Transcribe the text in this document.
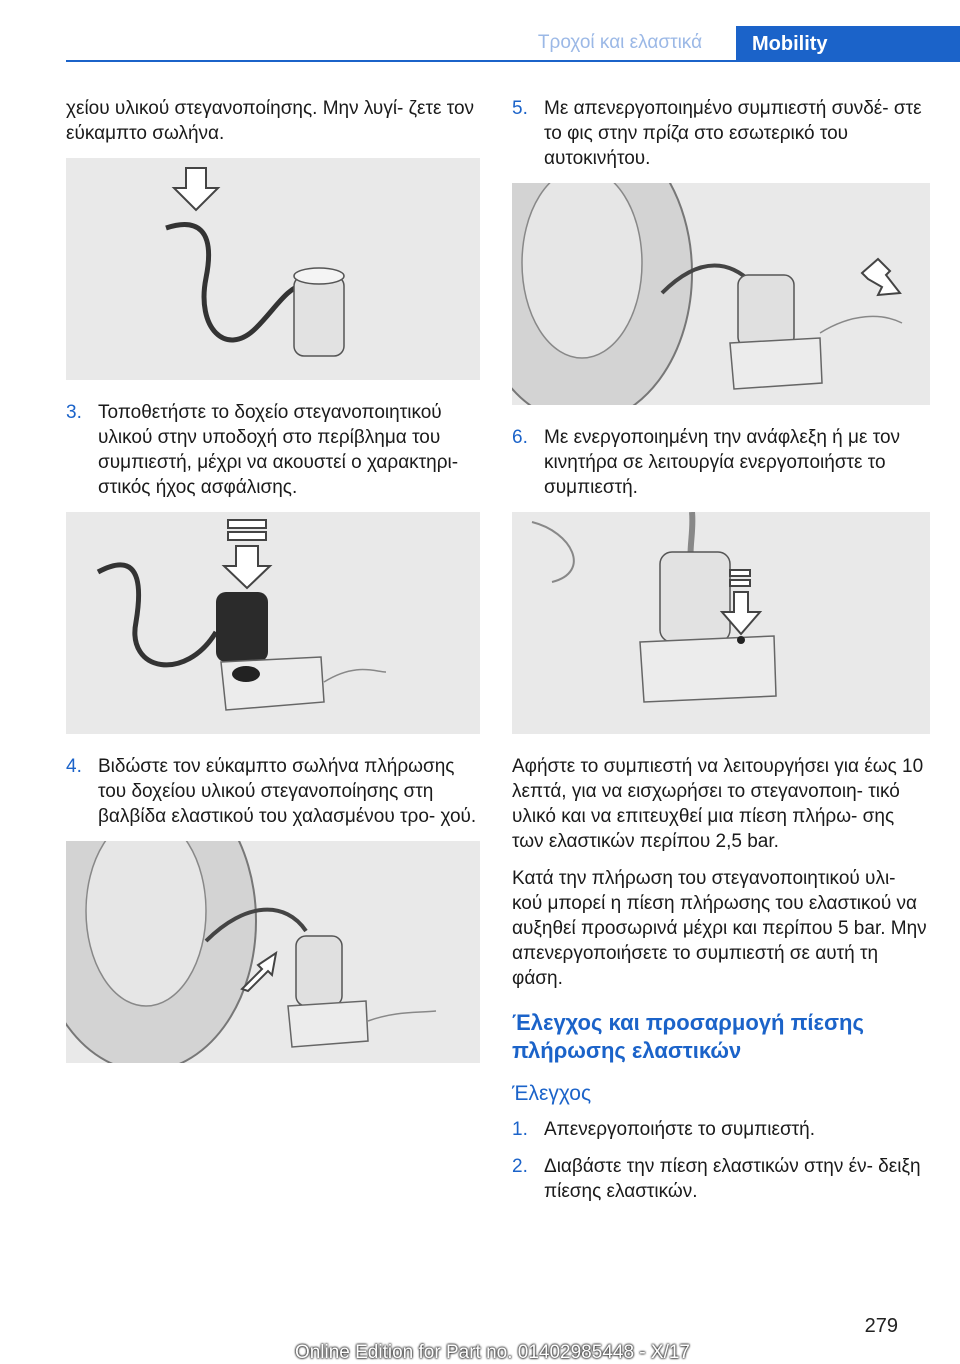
Τροχοί και ελαστικά	Mobility

χείου υλικού στεγανοποίησης. Μην λυγί- ζετε τον εύκαμπτο σωλήνα.

3. Τοποθετήστε το δοχείο στεγανοποιητικού υλικού στην υποδοχή στο περίβλημα του συμπιεστή, μέχρι να ακουστεί ο χαρακτηρι- στικός ήχος ασφάλισης.
4. Βιδώστε τον εύκαμπτο σωλήνα πλήρωσης του δοχείου υλικού στεγανοποίησης στη βαλβίδα ελαστικού του χαλασμένου τρο- χού.
5. Με απενεργοποιημένο συμπιεστή συνδέ- στε το φις στην πρίζα στο εσωτερικό του αυτοκινήτου.
6. Με ενεργοποιημένη την ανάφλεξη ή με τον κινητήρα σε λειτουργία ενεργοποιήστε το συμπιεστή.

Αφήστε το συμπιεστή να λειτουργήσει για έως 10 λεπτά, για να εισχωρήσει το στεγανοποιη- τικό υλικό και να επιτευχθεί μια πίεση πλήρω- σης των ελαστικών περίπου 2,5 bar.

Κατά την πλήρωση του στεγανοποιητικού υλι- κού μπορεί η πίεση πλήρωσης του ελαστικού να αυξηθεί προσωρινά μέχρι και περίπου 5 bar. Μην απενεργοποιήσετε το συμπιεστή σε αυτή τη φάση.

Έλεγχος και προσαρμογή πίεσης πλήρωσης ελαστικών
Έλεγχος
1. Απενεργοποιήστε το συμπιεστή.
2. Διαβάστε την πίεση ελαστικών στην έν- δειξη πίεσης ελαστικών.
279
Online Edition for Part no. 01402985448 - X/17
